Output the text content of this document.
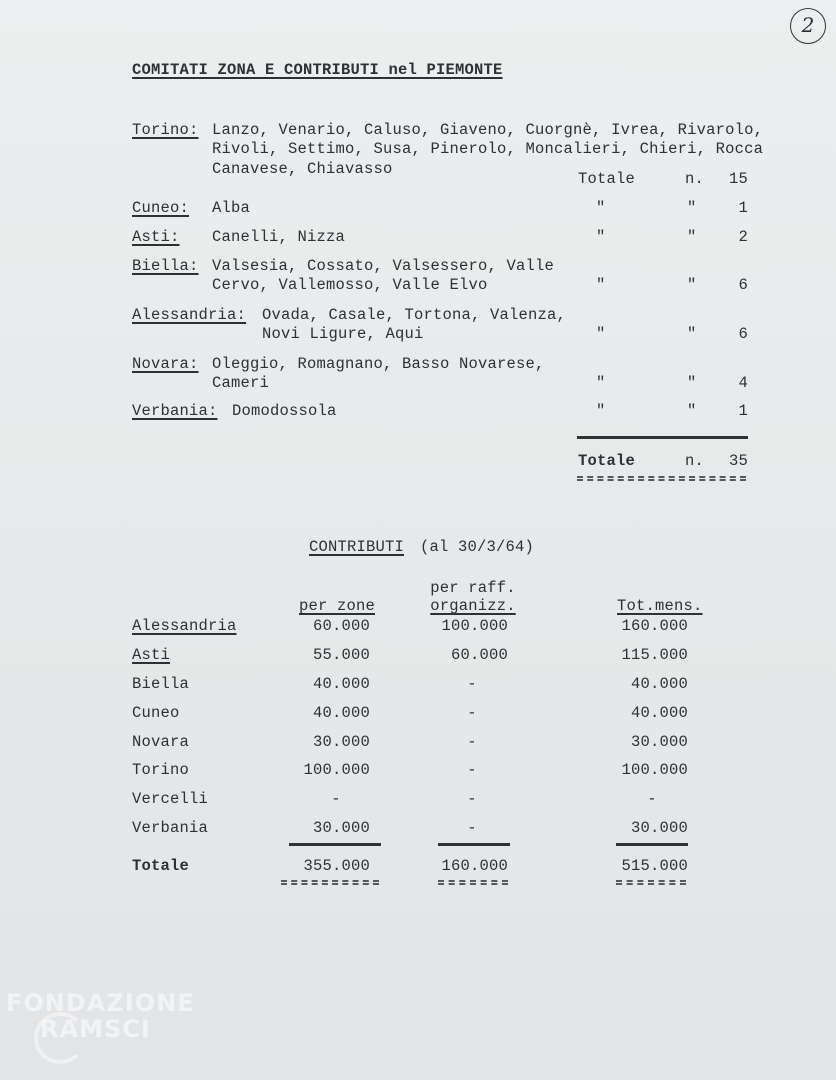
2
COMITATI ZONA E CONTRIBUTI nel PIEMONTE
Torino: Lanzo, Venario, Caluso, Giaveno, Cuorgnè, Ivrea, Rivarolo,
Rivoli, Settimo, Susa, Pinerolo, Moncalieri, Chieri, Rocca
Canavese, Chiavasso
Totale	n.	15
Cuneo: Alba	"	"	1
Asti: Canelli, Nizza	"	"	2
Biella: Valsesia, Cossato, Valsessero, Valle
Cervo, Vallemosso, Valle Elvo	"	"	6
Alessandria: Ovada, Casale, Tortona, Valenza,
Novi Ligure, Aqui	"	"	6
Novara: Oleggio, Romagnano, Basso Novarese,
Cameri	"	"	4
Verbania: Domodossola	"	"	1
Totale	n.	35
CONTRIBUTI (al 30/3/64)
per raff.
organizz.
per zone	Tot.mens.
Alessandria	60.000	100.000	160.000
Asti	55.000	60.000	115.000
Biella	40.000	-	40.000
Cuneo	40.000	-	40.000
Novara	30.000	-	30.000
Torino	100.000	-	100.000
Vercelli	-	-	-
Verbania	30.000	-	30.000
Totale	355.000	160.000	515.000
FONDAZIONE
RAMSCI
